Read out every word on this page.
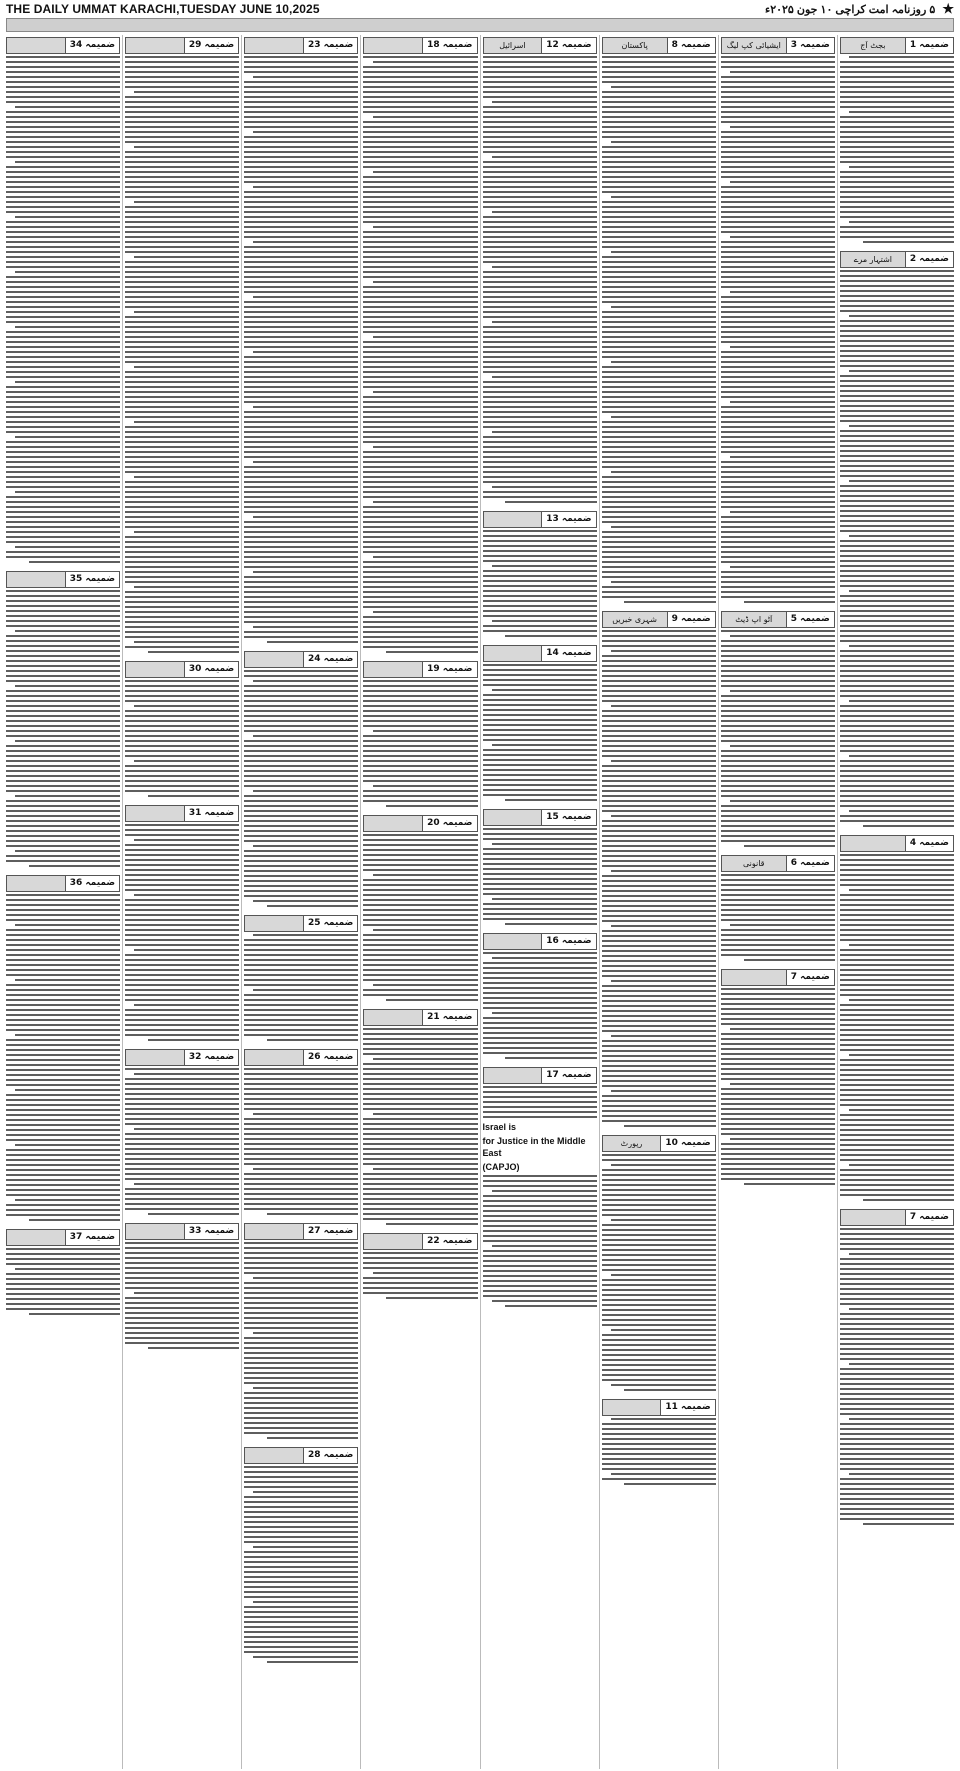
THE DAILY UMMAT KARACHI,TUESDAY JUNE 10,2025	★ ۵ روزنامہ امت کراچی ۱۰ جون ۲۰۲۵ء
ضمیمہ 1
بجٹ آج
ضمیمہ 2
اشتہار مرے
ضمیمہ 4
ضمیمہ 7
ضمیمہ 3
ایشیائی کپ لیگ
ضمیمہ 5
آٹو اپ ڈیٹ
ضمیمہ 6
قانونی
ضمیمہ 7
ضمیمہ 8
پاکستان
ضمیمہ 9
شہری خبریں
ضمیمہ 10
رپورٹ
ضمیمہ 11
ضمیمہ 12
اسرائیل
ضمیمہ 13
ضمیمہ 14
ضمیمہ 15
ضمیمہ 16
ضمیمہ 17
Israel is
for Justice in the Middle East
(CAPJO)
ضمیمہ 18
ضمیمہ 19
ضمیمہ 20
ضمیمہ 21
ضمیمہ 22
ضمیمہ 23
ضمیمہ 24
ضمیمہ 25
ضمیمہ 26
ضمیمہ 27
ضمیمہ 28
ضمیمہ 29
ضمیمہ 30
ضمیمہ 31
ضمیمہ 32
ضمیمہ 33
ضمیمہ 34
ضمیمہ 35
ضمیمہ 36
ضمیمہ 37
